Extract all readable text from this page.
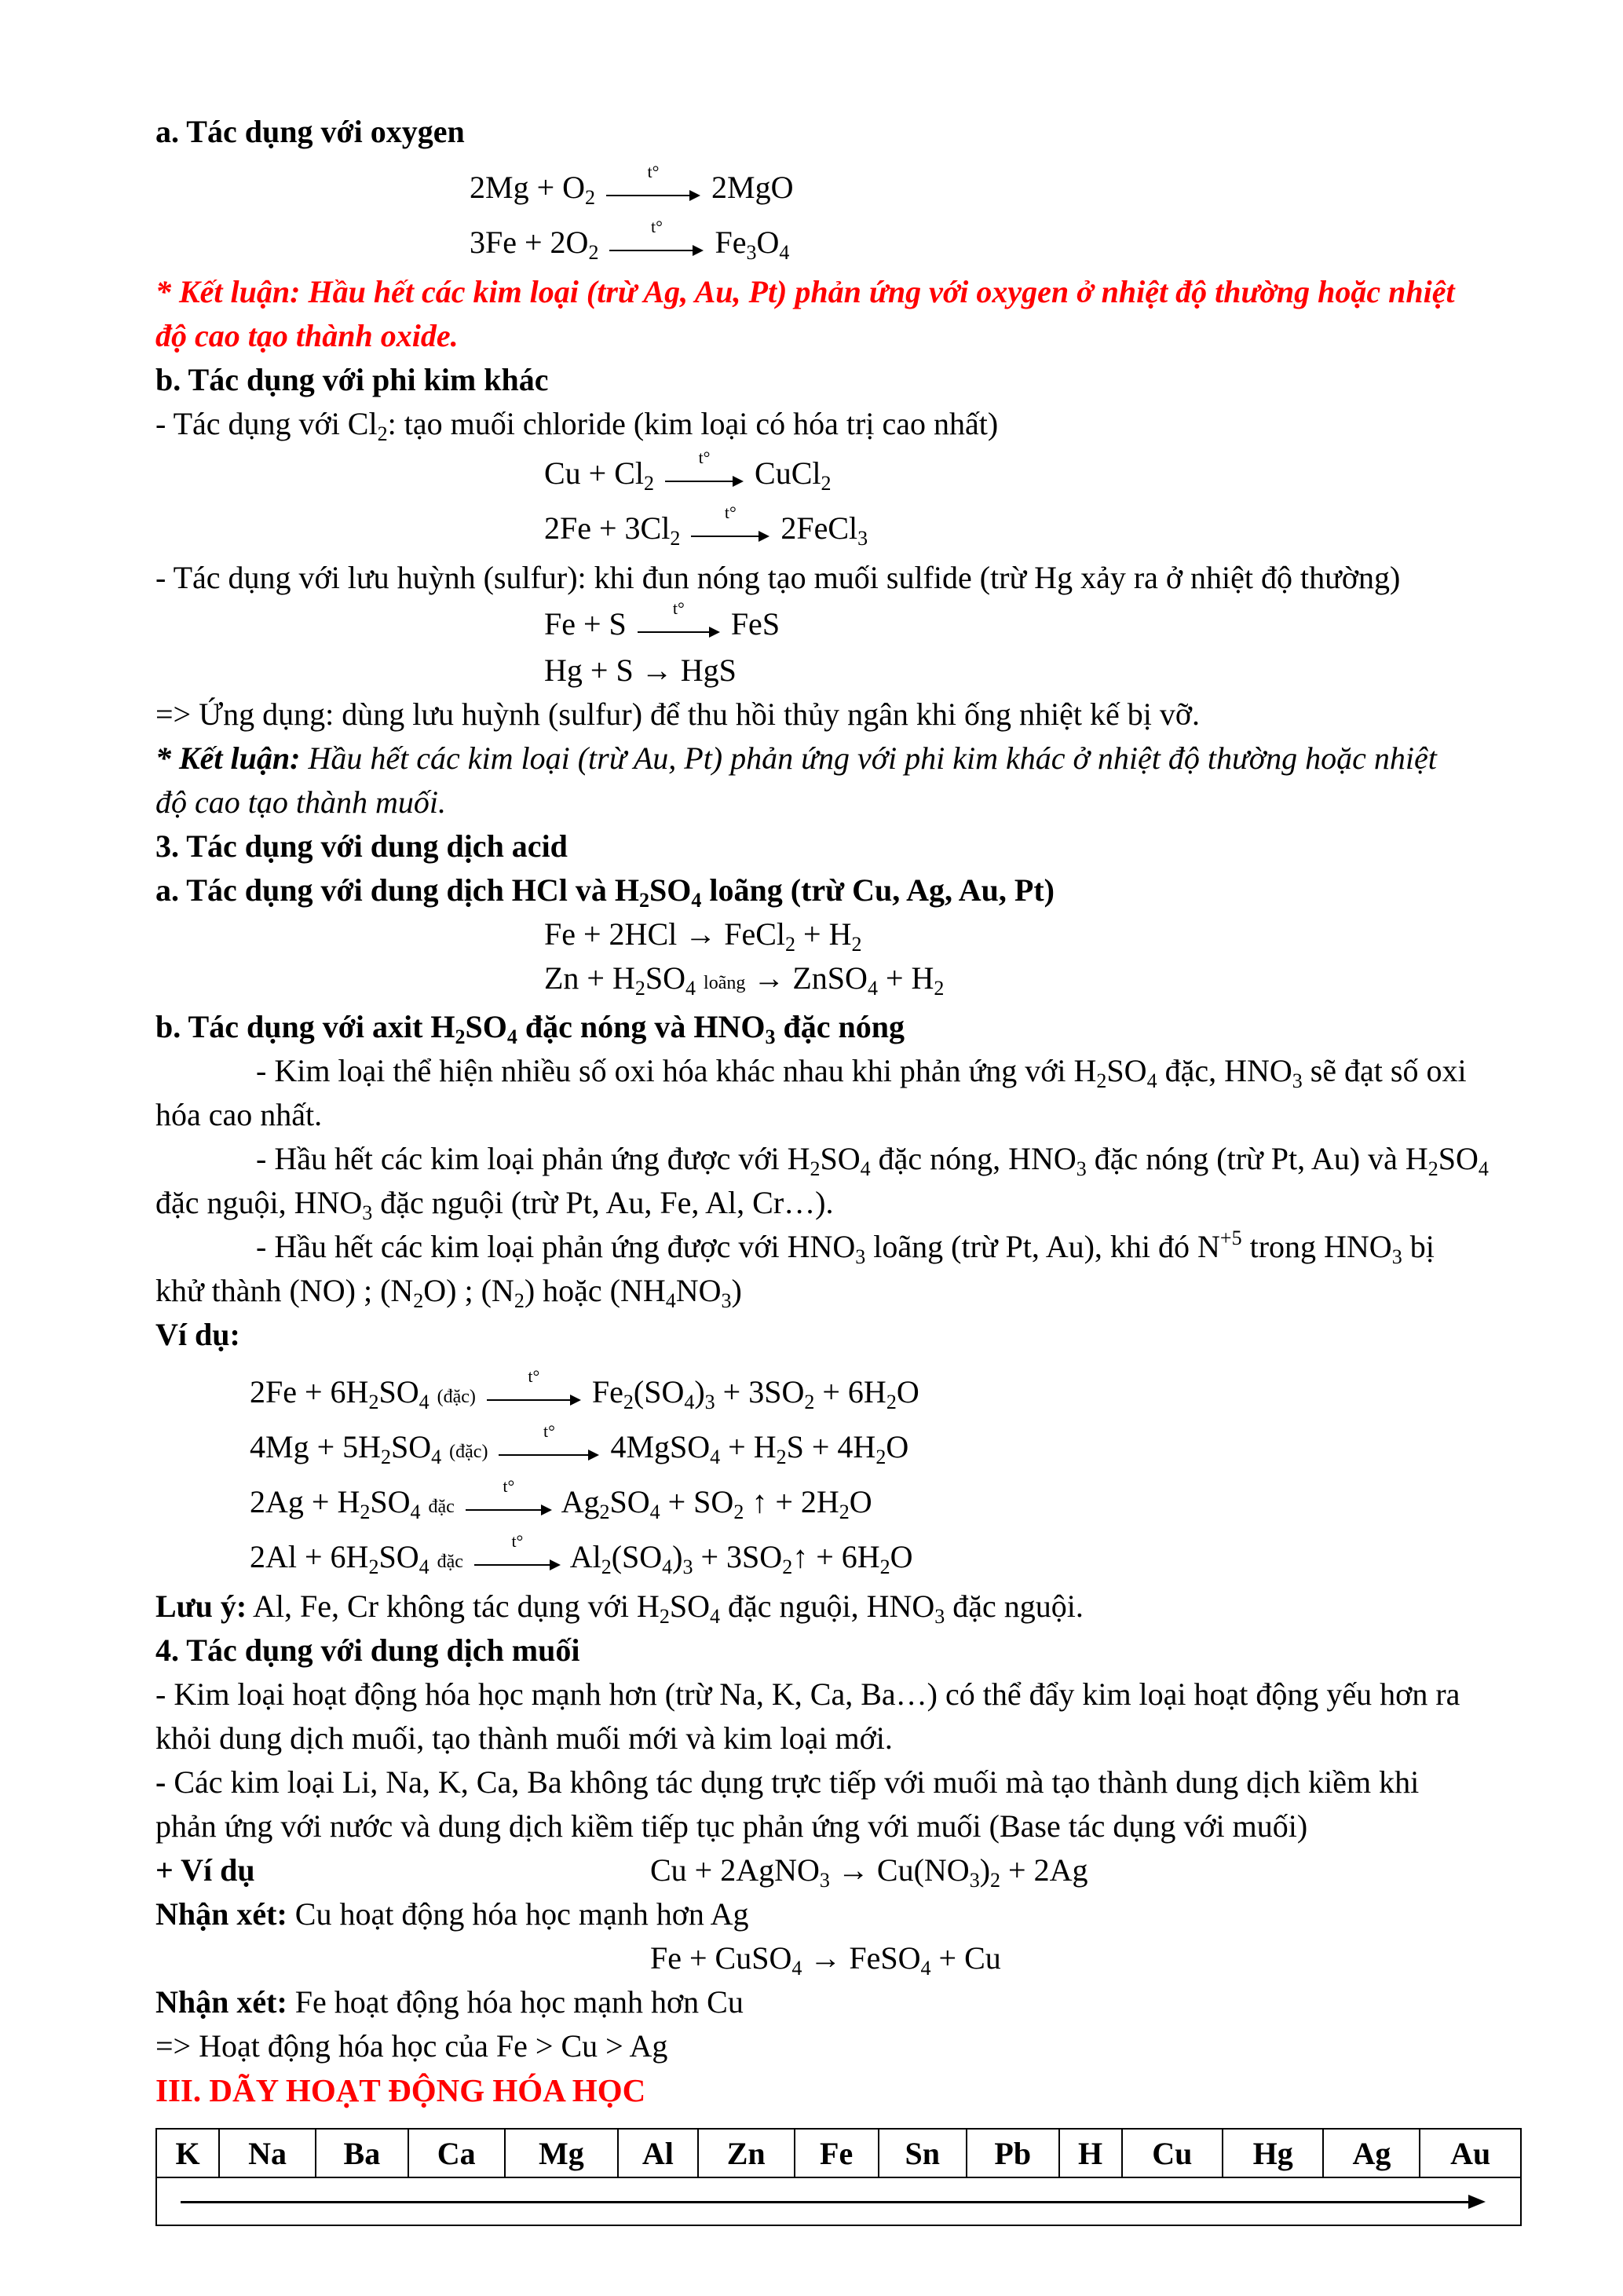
a. Tác dụng với oxygen
$2Mg + O_2$
t°	2MgO
$3Fe + 2O_2$
t°	$Fe_3O_4$
* Kết luận: Hầu hết các kim loại (trừ Ag, Au, Pt) phản ứng với oxygen ở nhiệt độ thường hoặc nhiệt
độ cao tạo thành oxide.
b. Tác dụng với phi kim khác
- Tác dụng với $Cl_2$: tạo muối chloride (kim loại có hóa trị cao nhất)
$Cu + Cl_2$
t°	CuCl$_2$
$2Fe + 3Cl_2$
t°	2FeCl$_3$
- Tác dụng với lưu huỳnh (sulfur): khi đun nóng tạo muối sulfide (trừ Hg xảy ra ở nhiệt độ thường)
Fe + S	t°	FeS
Hg + S → HgS
=> Ứng dụng: dùng lưu huỳnh (sulfur) để thu hồi thủy ngân khi ống nhiệt kế bị vỡ.
* Kết luận: Hầu hết các kim loại (trừ Au, Pt) phản ứng với phi kim khác ở nhiệt độ thường hoặc nhiệt
độ cao tạo thành muối.
3. Tác dụng với dung dịch acid
a. Tác dụng với dung dịch HCl và $H_2SO_4$ loãng (trừ Cu, Ag, Au, Pt)
Fe + 2HCl → FeCl$_2$ + $H_2$
$Zn + H_2SO_4$ loãng → ZnSO$_4$ + $H_2$
b. Tác dụng với axit $H_2SO_4$ đặc nóng và $HNO_3$ đặc nóng
- Kim loại thể hiện nhiều số oxi hóa khác nhau khi phản ứng với $H_2SO_4$ đặc, $HNO_3$ sẽ đạt số oxi
hóa cao nhất.
- Hầu hết các kim loại phản ứng được với $H_2SO_4$ đặc nóng, $HNO_3$ đặc nóng (trừ Pt, Au) và $H_2SO_4$
đặc nguội, $HNO_3$ đặc nguội (trừ Pt, Au, Fe, Al, Cr…).
- Hầu hết các kim loại phản ứng được với $HNO_3$ loãng (trừ Pt, Au), khi đó $N^{+5}$ trong $HNO_3$ bị
khử thành (NO) ; $(N_2O)$ ; $(N_2)$ hoặc $(NH_4NO_3)$
Ví dụ:
$2Fe + 6H_2SO_4$ (đặc)
t°	$Fe_2(SO_4)_3 + 3SO_2 + 6H_2O$
$4Mg + 5H_2SO_4$ (đặc)
t°	4MgSO$_4$ + $H_2S + 4H_2O$
$2Ag + H_2SO_4$ đặc
t°	$Ag_2SO_4 + SO_2$ ↑ + $2H_2O$
$2Al + 6H_2SO_4$ đặc
t°	$Al_2(SO_4)_3$ + $3SO_2↑ + 6H_2O$
Lưu ý: Al, Fe, Cr không tác dụng với $H_2SO_4$ đặc nguội, $HNO_3$ đặc nguội.
4. Tác dụng với dung dịch muối
- Kim loại hoạt động hóa học mạnh hơn (trừ Na, K, Ca, Ba…) có thể đẩy kim loại hoạt động yếu hơn ra
khỏi dung dịch muối, tạo thành muối mới và kim loại mới.
- Các kim loại Li, Na, K, Ca, Ba không tác dụng trực tiếp với muối mà tạo thành dung dịch kiềm khi
phản ứng với nước và dung dịch kiềm tiếp tục phản ứng với muối (Base tác dụng với muối)
+ Ví dụ	Cu + 2AgNO$_3$ → $Cu(NO_3)_2 + 2Ag$
Nhận xét: Cu hoạt động hóa học mạnh hơn Ag
Fe + CuSO$_4$ → FeSO$_4$ + Cu
Nhận xét: Fe hoạt động hóa học mạnh hơn Cu
=> Hoạt động hóa học của Fe > Cu > Ag
III. DÃY HOẠT ĐỘNG HÓA HỌC
K	Na	Ba	Ca	Mg	Al	Zn	Fe	Sn	Pb	H	Cu	Hg	Ag	Au
